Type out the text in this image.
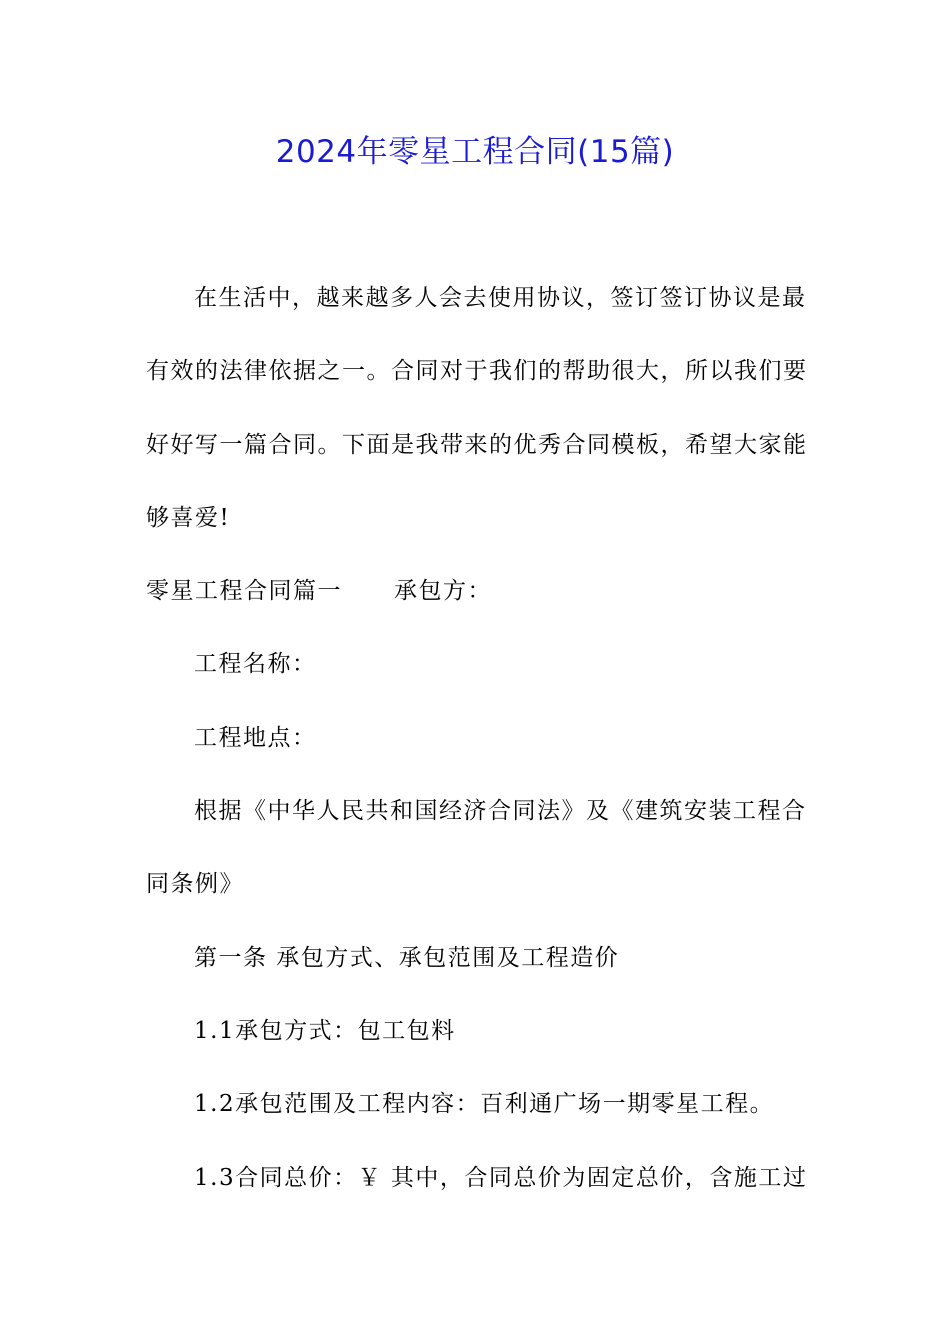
2024年零星工程合同(15篇)

在生活中，越来越多人会去使用协议，签订签订协议是最

有效的法律依据之一。合同对于我们的帮助很大，所以我们要

好好写一篇合同。下面是我带来的优秀合同模板，希望大家能

够喜爱!

零星工程合同篇一 承包方：

工程名称：

工程地点：

根据《中华人民共和国经济合同法》及《建筑安装工程合

同条例》

第一条 承包方式、承包范围及工程造价

1.1承包方式：包工包料

1.2承包范围及工程内容：百利通广场一期零星工程。

1.3合同总价：￥ 其中，合同总价为固定总价，含施工过
